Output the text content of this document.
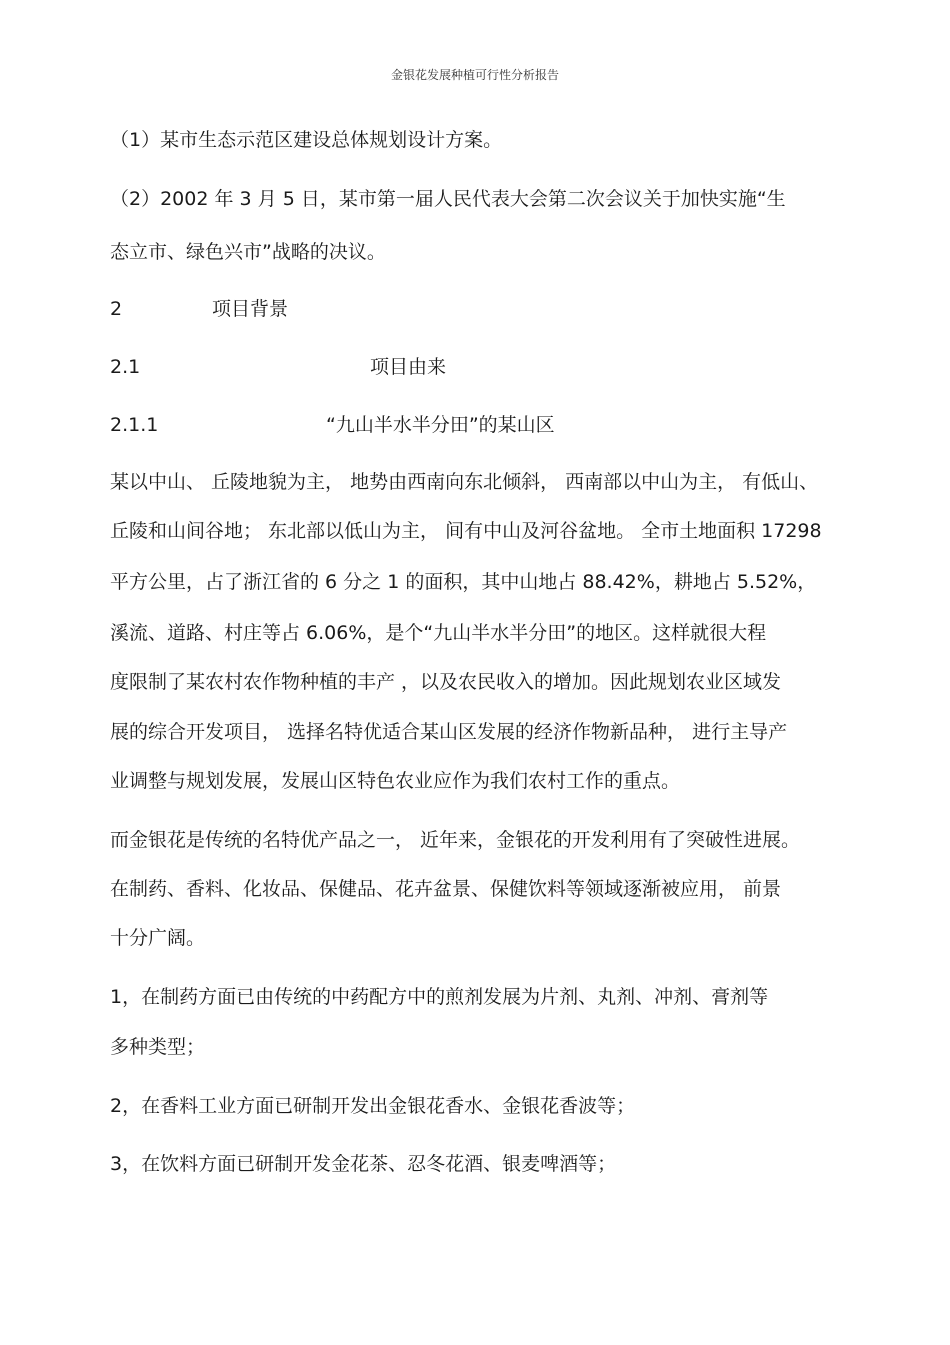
金银花发展种植可行性分析报告
（1）某市生态示范区建设总体规划设计方案。
（2）2002 年 3 月 5 日，某市第一届人民代表大会第二次会议关于加快实施“生
态立市、绿色兴市”战略的决议。
2	项目背景
2.1	项目由来
2.1.1	“九山半水半分田”的某山区
某以中山、 丘陵地貌为主， 地势由西南向东北倾斜， 西南部以中山为主， 有低山、
丘陵和山间谷地； 东北部以低山为主， 间有中山及河谷盆地。 全市土地面积 17298
平方公里，占了浙江省的 6 分之 1 的面积，其中山地占 88.42%，耕地占 5.52%，
溪流、道路、村庄等占 6.06%，是个“九山半水半分田”的地区。这样就很大程
度限制了某农村农作物种植的丰产 ，以及农民收入的增加。因此规划农业区域发
展的综合开发项目， 选择名特优适合某山区发展的经济作物新品种， 进行主导产
业调整与规划发展，发展山区特色农业应作为我们农村工作的重点。
而金银花是传统的名特优产品之一， 近年来，金银花的开发利用有了突破性进展。
在制药、香料、化妆品、保健品、花卉盆景、保健饮料等领域逐渐被应用， 前景
十分广阔。
1，在制药方面已由传统的中药配方中的煎剂发展为片剂、丸剂、冲剂、膏剂等
多种类型；
2，在香料工业方面已研制开发出金银花香水、金银花香波等；
3，在饮料方面已研制开发金花茶、忍冬花酒、银麦啤酒等；
